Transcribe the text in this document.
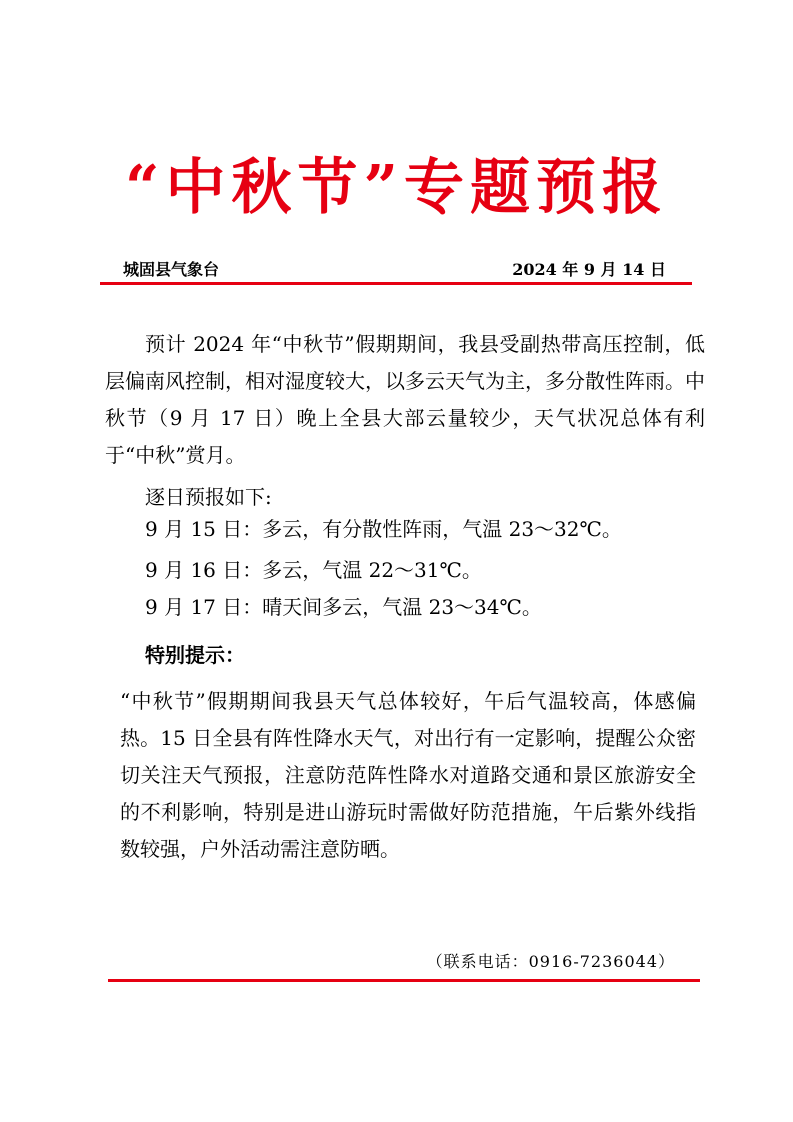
“中秋节”专题预报
城固县气象台	2024 年 9 月 14 日
预计 2024 年“中秋节”假期期间，我县受副热带高压控制，低层偏南风控制，相对湿度较大，以多云天气为主，多分散性阵雨。中秋节（9 月 17 日）晚上全县大部云量较少，天气状况总体有利于“中秋”赏月。
逐日预报如下:
9 月 15 日：多云，有分散性阵雨，气温 23～32℃。
9 月 16 日：多云，气温 22～31℃。
9 月 17 日：晴天间多云，气温 23～34℃。
特别提示：
“中秋节”假期期间我县天气总体较好，午后气温较高，体感偏热。15 日全县有阵性降水天气，对出行有一定影响，提醒公众密切关注天气预报，注意防范阵性降水对道路交通和景区旅游安全的不利影响，特别是进山游玩时需做好防范措施，午后紫外线指数较强，户外活动需注意防晒。
（联系电话：0916-7236044）
